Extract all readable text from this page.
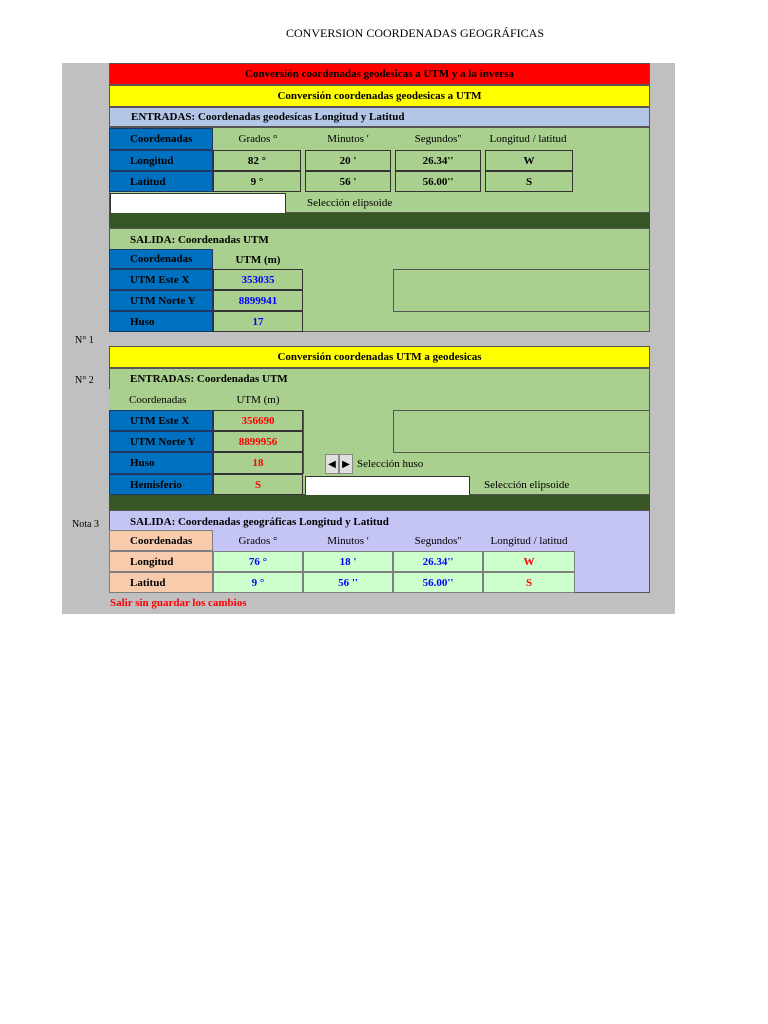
CONVERSION COORDENADAS GEOGRÁFICAS
Conversión coordenadas geodesicas a UTM y a la inversa
Conversión coordenadas geodesicas a UTM
ENTRADAS: Coordenadas geodesícas Longitud y Latitud
Coordenadas	Grados °	Minutos '	Segundos''	Longitud / latitud
Longitud	82 °	20 '	26.34''	W
Latitud	9 °	56 '	56.00''	S
Selección elipsoide
SALIDA: Coordenadas UTM
Coordenadas	UTM (m)
UTM Este X	353035
UTM Norte Y	8899941
Huso	17
N° 1
Conversión coordenadas UTM a geodesicas
ENTRADAS: Coordenadas UTM
N° 2
Coordenadas	UTM (m)
UTM Este X	356690
UTM Norte Y	8899956
Huso	18
Hemisferio	S
◀ ▶ Selección huso
Selección elipsoide
SALIDA: Coordenadas geográficas Longitud y Latitud
Nota 3
Coordenadas	Grados °	Minutos '	Segundos''	Longitud / latitud
Longitud	76 °	18 '	26.34''	W
Latitud	9 °	56 ''	56.00''	S
Salir sin guardar los cambios
